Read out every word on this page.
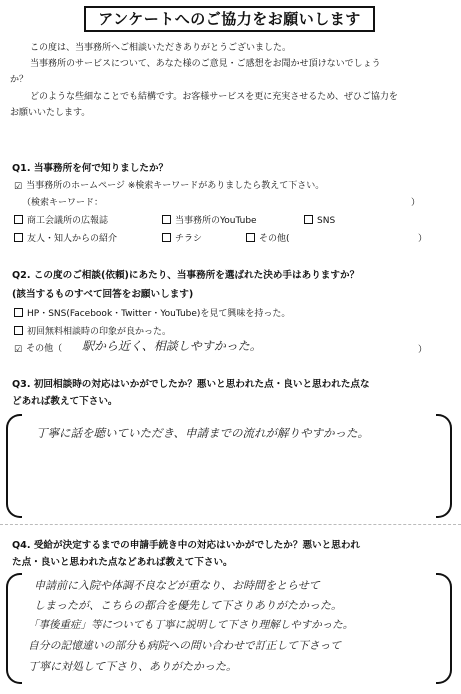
アンケートへのご協力をお願いします
この度は、当事務所へご相談いただきありがとうございました。
当事務所のサービスについて、あなた様のご意見・ご感想をお聞かせ頂けないでしょう
か？
どのような些細なことでも結構です。お客様サービスを更に充実させるため、ぜひご協力を
お願いいたします。
Q1. 当事務所を何で知りましたか？
☑ 当事務所のホームページ ※検索キーワードがありましたら教えて下さい。
（検索キーワード：	）
商工会議所の広報誌	当事務所のYouTube	SNS
友人・知人からの紹介	チラシ	その他(	）
Q2. この度のご相談(依頼)にあたり、当事務所を選ばれた決め手はありますか？
(該当するものすべて回答をお願いします)
HP・SNS(Facebook・Twitter・YouTube)を見て興味を持った。
初回無料相談時の印象が良かった。
☑ その他（ 駅から近く、相談しやすかった。	）
Q3. 初回相談時の対応はいかがでしたか？悪いと思われた点・良いと思われた点な
どあれば教えて下さい。
丁寧に話を聴いていただき、申請までの流れが解りやすかった。
Q4. 受給が決定するまでの申請手続き中の対応はいかがでしたか？悪いと思われ
た点・良いと思われた点などあれば教えて下さい。
申請前に入院や体調不良などが重なり、お時間をとらせて
しまったが、こちらの都合を優先して下さりありがたかった。
「事後重症」等についても丁寧に説明して下さり理解しやすかった。
自分の記憶違いの部分も病院への問い合わせで訂正して下さって
丁寧に対処して下さり、ありがたかった。
